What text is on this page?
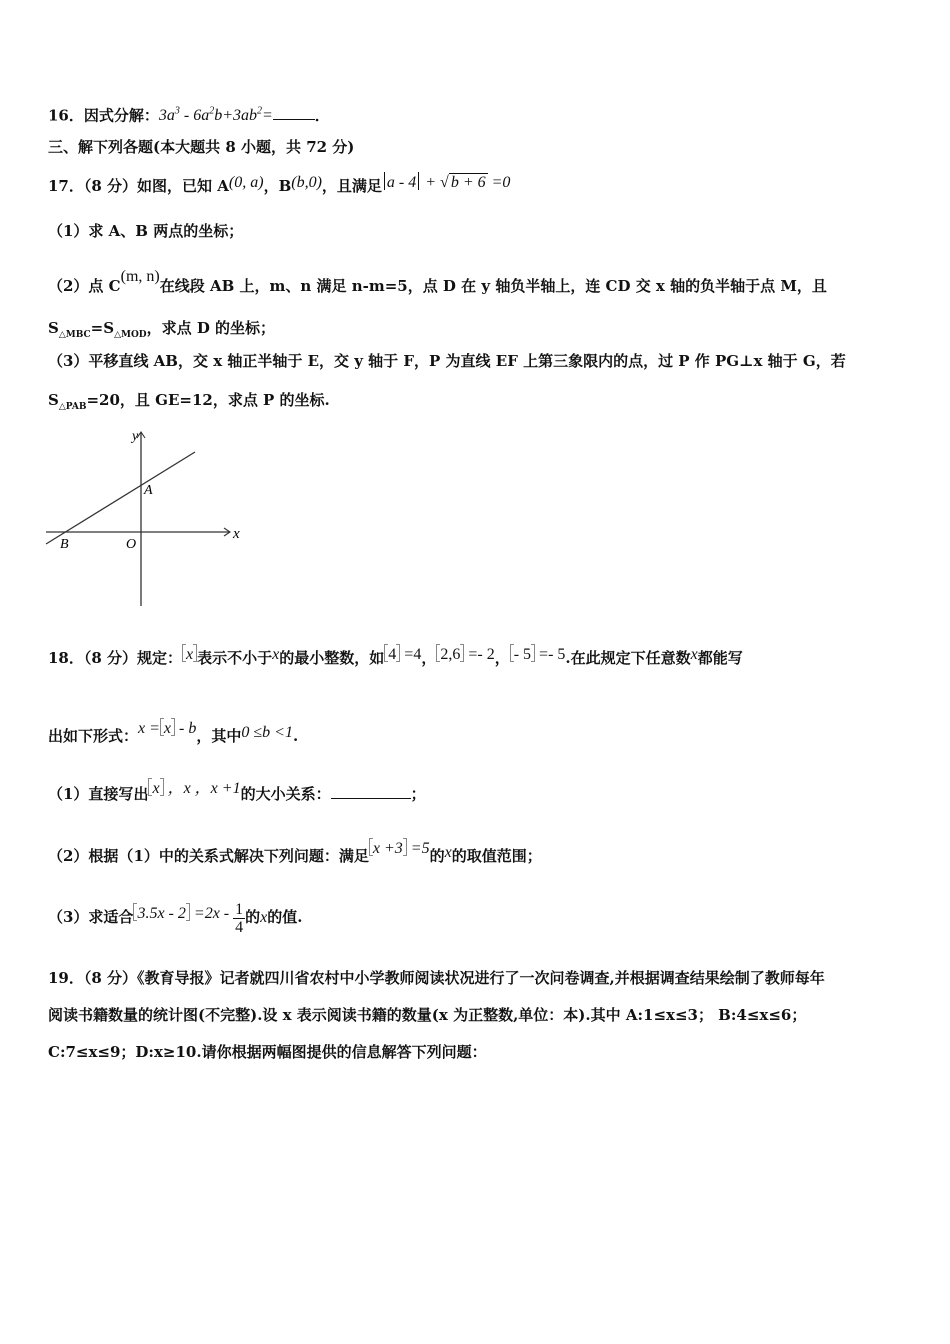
16．因式分解：$3a^3 - 6a^2b+3ab^2=$	．
三、解下列各题(本大题共 8 小题，共 72 分)
17．（8 分）如图，已知 A(0, a)，B(b,0)，且满足 a - 4 + √ b + 6 =0
（1）求 A、B 两点的坐标；
（2）点 C(m, n)在线段 AB 上，m、n 满足 n-m=5，点 D 在 y 轴负半轴上，连 CD 交 x 轴的负半轴于点 M，且
$S_{\triangle MBC}=S_{\triangle MOD}$，求点 D 的坐标；
（3）平移直线 AB，交 x 轴正半轴于 E，交 y 轴于 F，P 为直线 EF 上第三象限内的点，过 P 作 PG⊥x 轴于 G，若
$S_{\triangle PAB}=20$，且 GE=12，求点 P 的坐标.
y
x
A
B	O
18．（8 分）规定： x 表示不小于x的最小整数，如 4 =4， 2,6 =- 2， - 5 =- 5.在此规定下任意数x都能写
出如下形式：x = x - b，其中0 ≤b <1.
（1）直接写出 x ，x ，x +1的大小关系：	；
（2）根据（1）中的关系式解决下列问题：满足 x +3 =5的x的取值范围；
（3）求适合 $3.5x - 2 =2x - \frac{1}{4}$ 的x的值.
19．（8 分）《教育导报》记者就四川省农村中小学教师阅读状况进行了一次问卷调查,并根据调查结果绘制了教师每年
阅读书籍数量的统计图(不完整).设 x 表示阅读书籍的数量(x 为正整数,单位：本).其中 A:1≤x≤3； B:4≤x≤6；
C:7≤x≤9；D:x≥10.请你根据两幅图提供的信息解答下列问题：
